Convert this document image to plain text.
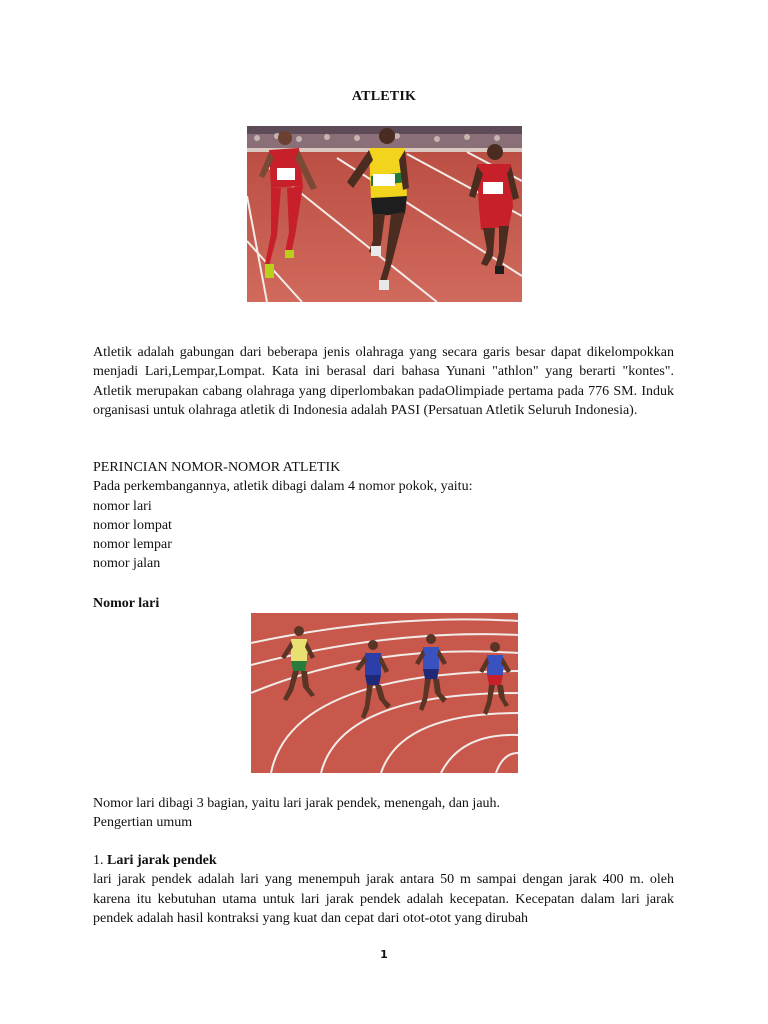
ATLETIK
Atletik adalah gabungan dari beberapa jenis olahraga yang secara garis besar dapat dikelompokkan menjadi Lari,Lempar,Lompat. Kata ini berasal dari bahasa Yunani "athlon" yang berarti "kontes". Atletik merupakan cabang olahraga yang diperlombakan padaOlimpiade pertama pada 776 SM. Induk organisasi untuk olahraga atletik di Indonesia adalah PASI (Persatuan Atletik Seluruh Indonesia).
PERINCIAN NOMOR-NOMOR ATLETIK
Pada perkembangannya, atletik dibagi dalam 4 nomor pokok, yaitu:
nomor lari
nomor lompat
nomor lempar
nomor jalan
Nomor lari
Nomor lari dibagi 3 bagian, yaitu lari jarak pendek, menengah, dan jauh.
Pengertian umum
1. Lari jarak pendek
lari jarak pendek adalah lari yang menempuh jarak antara 50 m sampai dengan jarak 400 m. oleh karena itu kebutuhan utama untuk lari jarak pendek adalah kecepatan. Kecepatan dalam lari jarak pendek adalah hasil kontraksi yang kuat dan cepat dari otot-otot yang dirubah
1
